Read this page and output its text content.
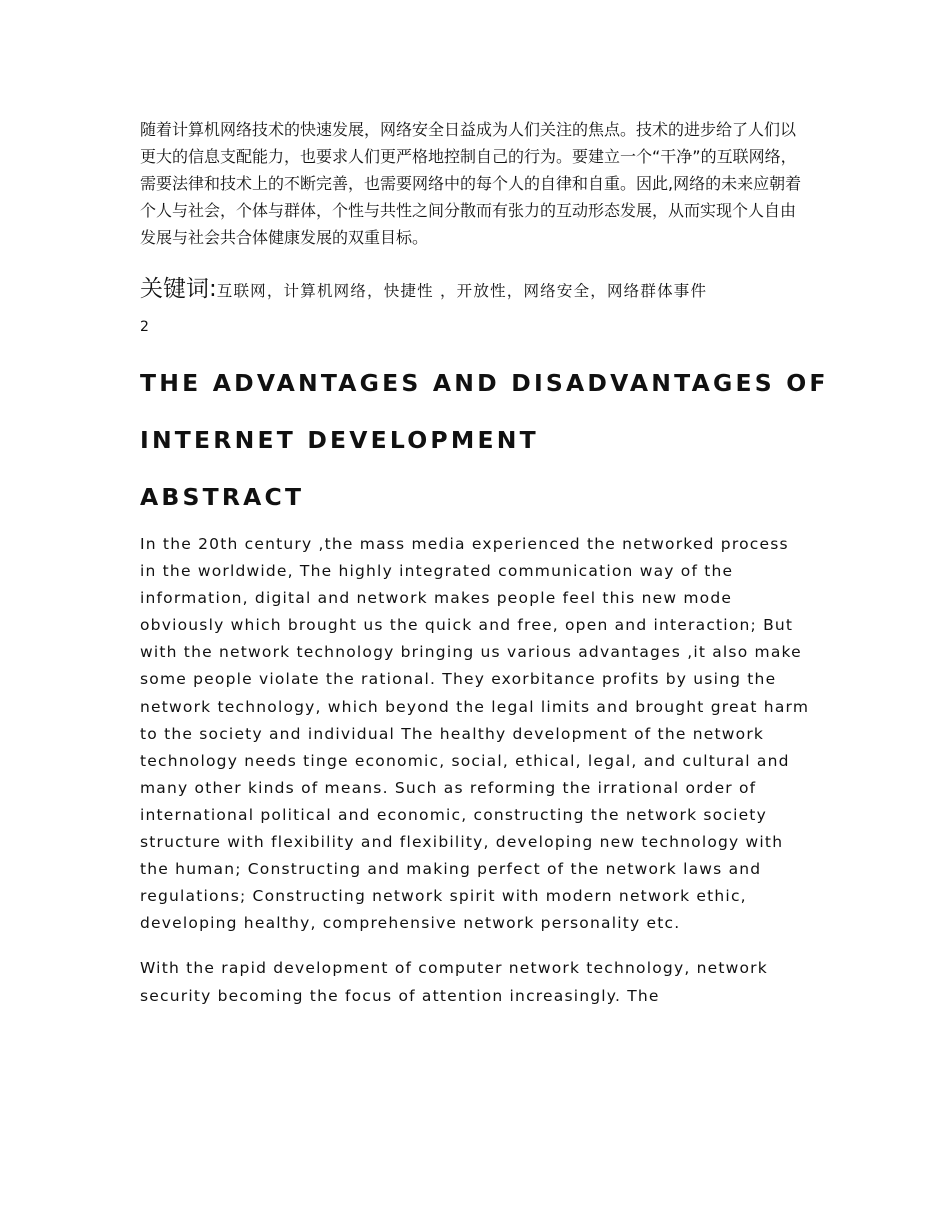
随着计算机网络技术的快速发展，网络安全日益成为人们关注的焦点。技术的进步给了人们以更大的信息支配能力，也要求人们更严格地控制自己的行为。要建立一个“干净”的互联网络，需要法律和技术上的不断完善，也需要网络中的每个人的自律和自重。因此,网络的未来应朝着个人与社会，个体与群体，个性与共性之间分散而有张力的互动形态发展，从而实现个人自由发展与社会共合体健康发展的双重目标。

关键词:互联网，计算机网络，快捷性 ，开放性，网络安全，网络群体事件
2
THE ADVANTAGES AND DISADVANTAGES OF
INTERNET DEVELOPMENT
ABSTRACT

In the 20th century ,the mass media experienced the networked process in the worldwide, The highly integrated communication way of the information, digital and network makes people feel this new mode obviously which brought us the quick and free, open and interaction; But with the network technology bringing us various advantages ,it also make some people violate the rational. They exorbitance profits by using the network technology, which beyond the legal limits and brought great harm to the society and individual The healthy development of the network technology needs tinge economic, social, ethical, legal, and cultural and many other kinds of means. Such as reforming the irrational order of international political and economic, constructing the network society structure with flexibility and flexibility, developing new technology with the human; Constructing and making perfect of the network laws and regulations; Constructing network spirit with modern network ethic, developing healthy, comprehensive network personality etc.

With the rapid development of computer network technology, network security becoming the focus of attention increasingly. The
